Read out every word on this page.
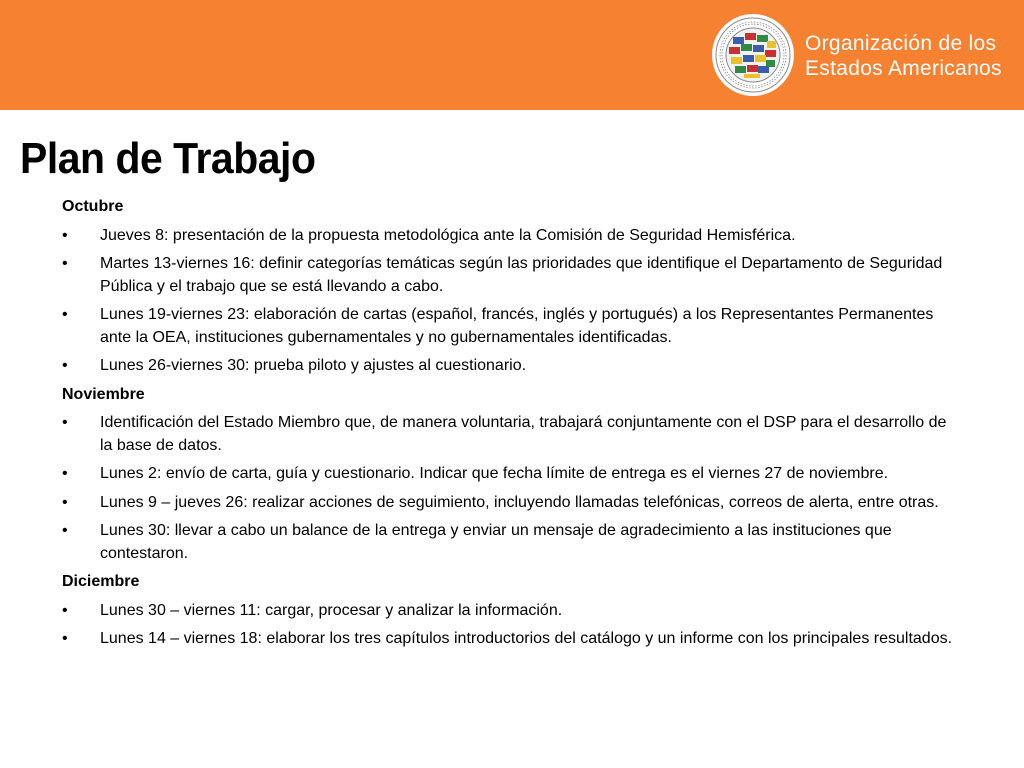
Organización de los
Estados Americanos
Plan de Trabajo
Octubre
• Jueves 8: presentación de la propuesta metodológica ante la Comisión de Seguridad Hemisférica.
• Martes 13-viernes 16: definir categorías temáticas según las prioridades que identifique el Departamento de Seguridad Pública y el trabajo que se está llevando a cabo.
• Lunes 19-viernes 23: elaboración de cartas (español, francés, inglés y portugués) a los Representantes Permanentes ante la OEA, instituciones gubernamentales y no gubernamentales identificadas.
• Lunes 26-viernes 30: prueba piloto y ajustes al cuestionario.
Noviembre
• Identificación del Estado Miembro que, de manera voluntaria, trabajará conjuntamente con el DSP para el desarrollo de la base de datos.
• Lunes 2: envío de carta, guía y cuestionario. Indicar que fecha límite de entrega es el viernes 27 de noviembre.
• Lunes 9 – jueves 26: realizar acciones de seguimiento, incluyendo llamadas telefónicas, correos de alerta, entre otras.
• Lunes 30: llevar a cabo un balance de la entrega y enviar un mensaje de agradecimiento a las instituciones que contestaron.
Diciembre
• Lunes 30 – viernes 11: cargar, procesar y analizar la información.
• Lunes 14 – viernes 18: elaborar los tres capítulos introductorios del catálogo y un informe con los principales resultados.
